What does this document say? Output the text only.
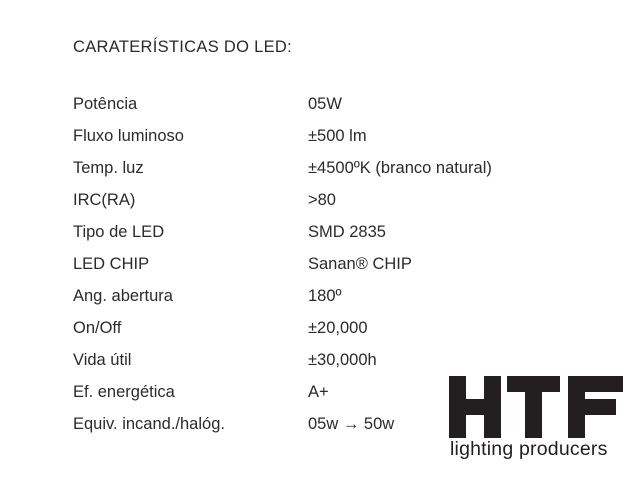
CARATERÍSTICAS DO LED:
Potência	05W
Fluxo luminoso	±500 lm
Temp. luz	±4500ºK (branco natural)
IRC(RA)	>80
Tipo de LED	SMD 2835
LED CHIP	Sanan® CHIP
Ang. abertura	180º
On/Off	±20,000
Vida útil	±30,000h
Ef. energética	A+
Equiv. incand./halóg.	05w → 50w
lighting producers
